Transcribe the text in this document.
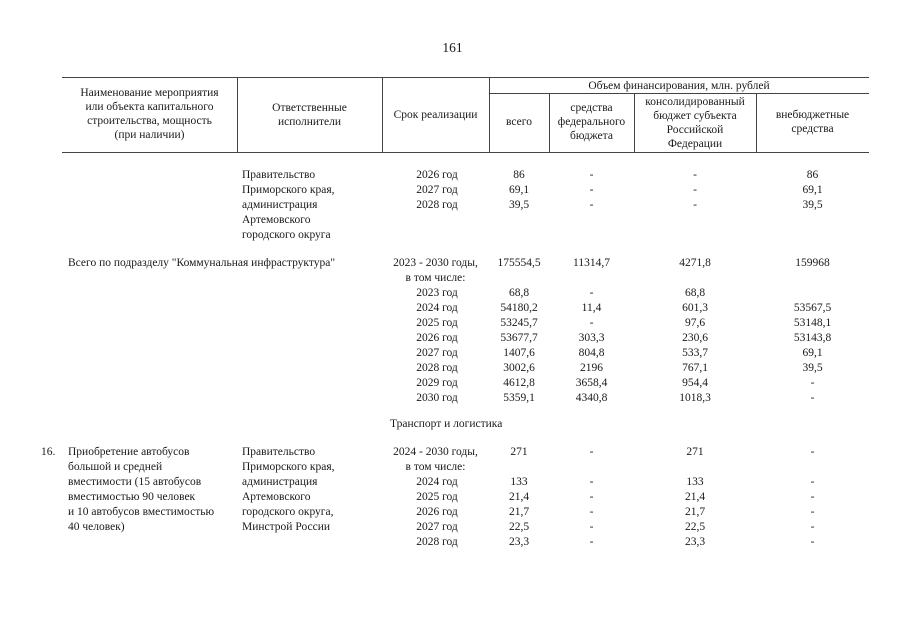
161
Наименование мероприятия
или объекта капитального
строительства, мощность
(при наличии)
Ответственные
исполнители
Срок реализации
Объем финансирования, млн. рублей
всего
средства
федерального
бюджета
консолидированный
бюджет субъекта
Российской
Федерации
внебюджетные
средства
Правительство
Приморского края,
администрация
Артемовского
городского округа
2026 год
2027 год
2028 год
86
69,1
39,5
-
-
-
-
-
-
86
69,1
39,5
Всего по подразделу "Коммунальная инфраструктура"	2023 - 2030 годы,
в том числе:
2023 год
2024 год
2025 год
2026 год
2027 год
2028 год
2029 год
2030 год
175554,5

68,8
54180,2
53245,7
53677,7
1407,6
3002,6
4612,8
5359,1
11314,7

-
11,4
-
303,3
804,8
2196
3658,4
4340,8
4271,8

68,8
601,3
97,6
230,6
533,7
767,1
954,4
1018,3
159968

53567,5
53148,1
53143,8
69,1
39,5
-
-
Транспорт и логистика
16. Приобретение автобусов
большой и средней
вместимости (15 автобусов
вместимостью 90 человек
и 10 автобусов вместимостью
40 человек)
Правительство
Приморского края,
администрация
Артемовского
городского округа,
Минстрой России
2024 - 2030 годы,
в том числе:
2024 год
2025 год
2026 год
2027 год
2028 год
271

133
21,4
21,7
22,5
23,3
-

-
-
-
-
-
271

133
21,4
21,7
22,5
23,3
-

-
-
-
-
-
